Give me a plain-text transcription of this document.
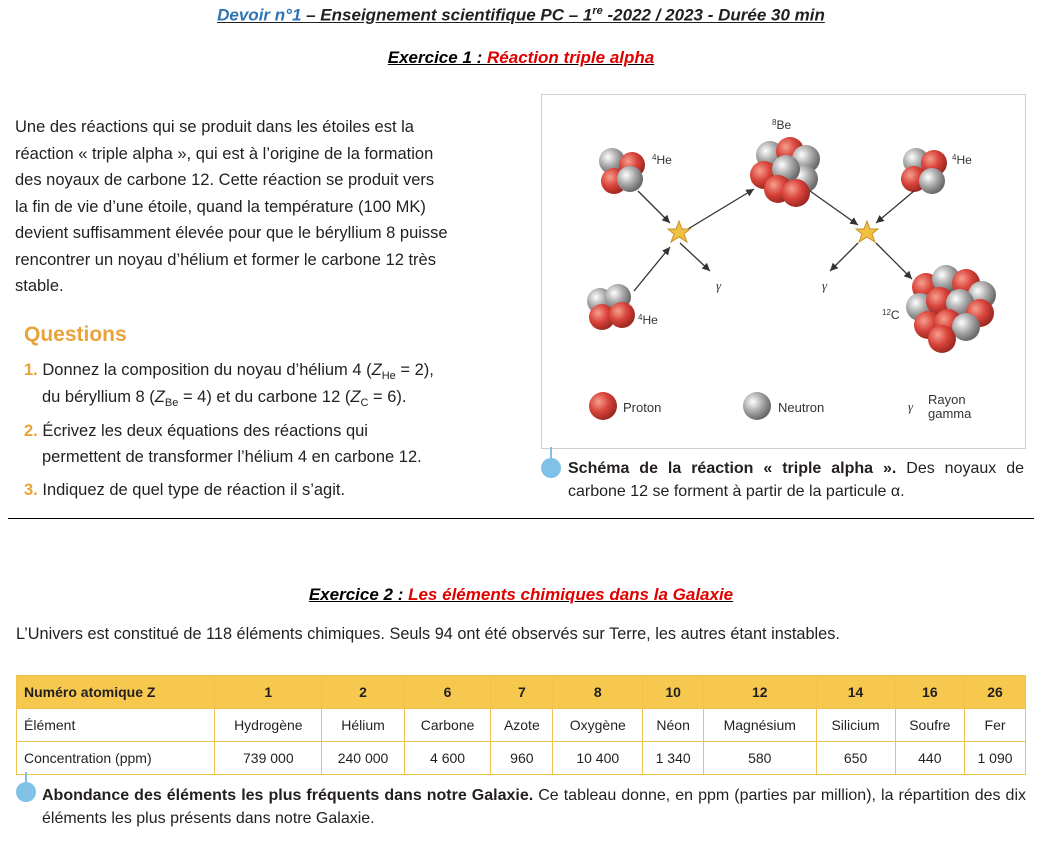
Devoir n°1 – Enseignement scientifique PC – 1re -2022 / 2023 - Durée 30 min
Exercice 1 : Réaction triple alpha
Une des réactions qui se produit dans les étoiles est la
réaction « triple alpha », qui est à l’origine de la formation
des noyaux de carbone 12. Cette réaction se produit vers
la fin de vie d’une étoile, quand la température (100 MK)
devient suffisamment élevée pour que le béryllium 8 puisse
rencontrer un noyau d’hélium et former le carbone 12 très
stable.
Questions
1. Donnez la composition du noyau d’hélium 4 $(Z_{He} = 2)$,
du béryllium 8 $(Z_{Be} = 4)$ et du carbone 12 $(Z_C = 6)$.
2. Écrivez les deux équations des réactions qui
permettent de transformer l’hélium 4 en carbone 12.
3. Indiquez de quel type de réaction il s’agit.
$^4$He
$^4$He
$^4$He
$^8$Be
$^{12}$C
γ	γ
Proton	Neutron	γ Rayon
gamma
Schéma de la réaction « triple alpha ». Des noyaux de carbone 12 se forment à partir de la particule α.
Exercice 2 : Les éléments chimiques dans la Galaxie
L’Univers est constitué de 118 éléments chimiques. Seuls 94 ont été observés sur Terre, les autres étant instables.
Numéro atomique Z	1	2	6	7	8	10	12	14	16	26
Élément	Hydrogène	Hélium	Carbone	Azote	Oxygène	Néon	Magnésium	Silicium	Soufre	Fer
Concentration (ppm)	739 000	240 000	4 600	960	10 400	1 340	580	650	440	1 090
Abondance des éléments les plus fréquents dans notre Galaxie. Ce tableau donne, en ppm (parties par million), la répartition des dix éléments les plus présents dans notre Galaxie.
